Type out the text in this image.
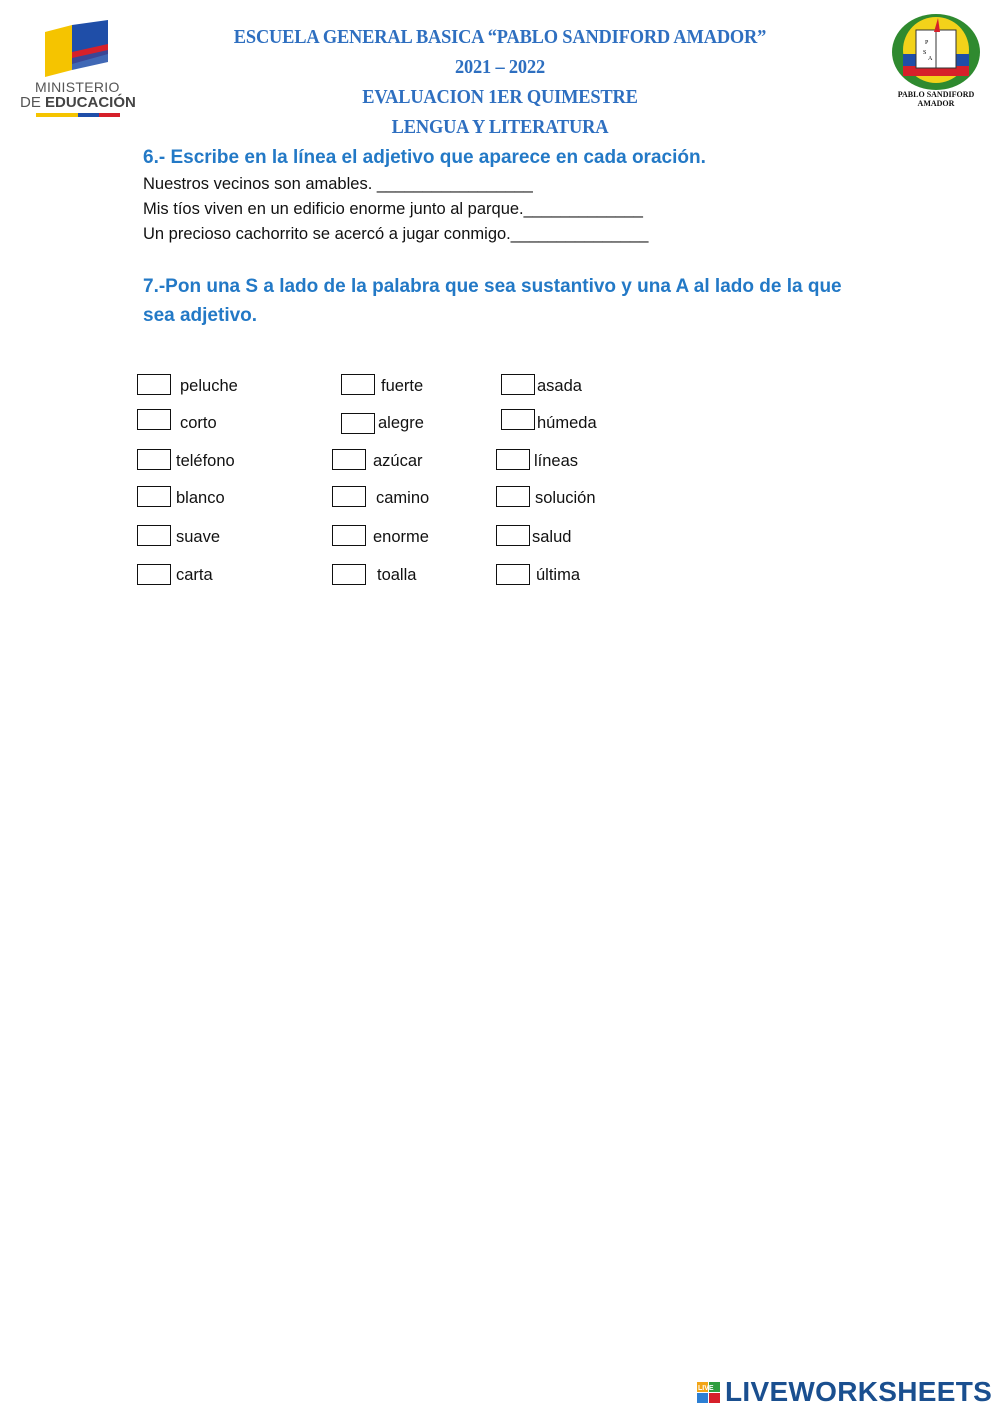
MINISTERIO
DE EDUCACIÓN
ESCUELA GENERAL BASICA “PABLO SANDIFORD AMADOR”
2021 – 2022
EVALUACION 1ER QUIMESTRE
LENGUA Y LITERATURA
P
S
A
PABLO SANDIFORD
AMADOR
6.- Escribe en la línea el adjetivo que aparece en cada oración.
Nuestros vecinos son amables. _________________
Mis tíos viven en un edificio enorme junto al parque._____________
Un precioso cachorrito se acercó a jugar conmigo._______________
7.-Pon una S a lado de la palabra que sea sustantivo y una A al lado de la que sea adjetivo.
peluche
corto
teléfono
blanco
suave
carta
fuerte
alegre
azúcar
camino
enorme
toalla
asada
húmeda
líneas
solución
salud
última
LIVE LIVEWORKSHEETS
